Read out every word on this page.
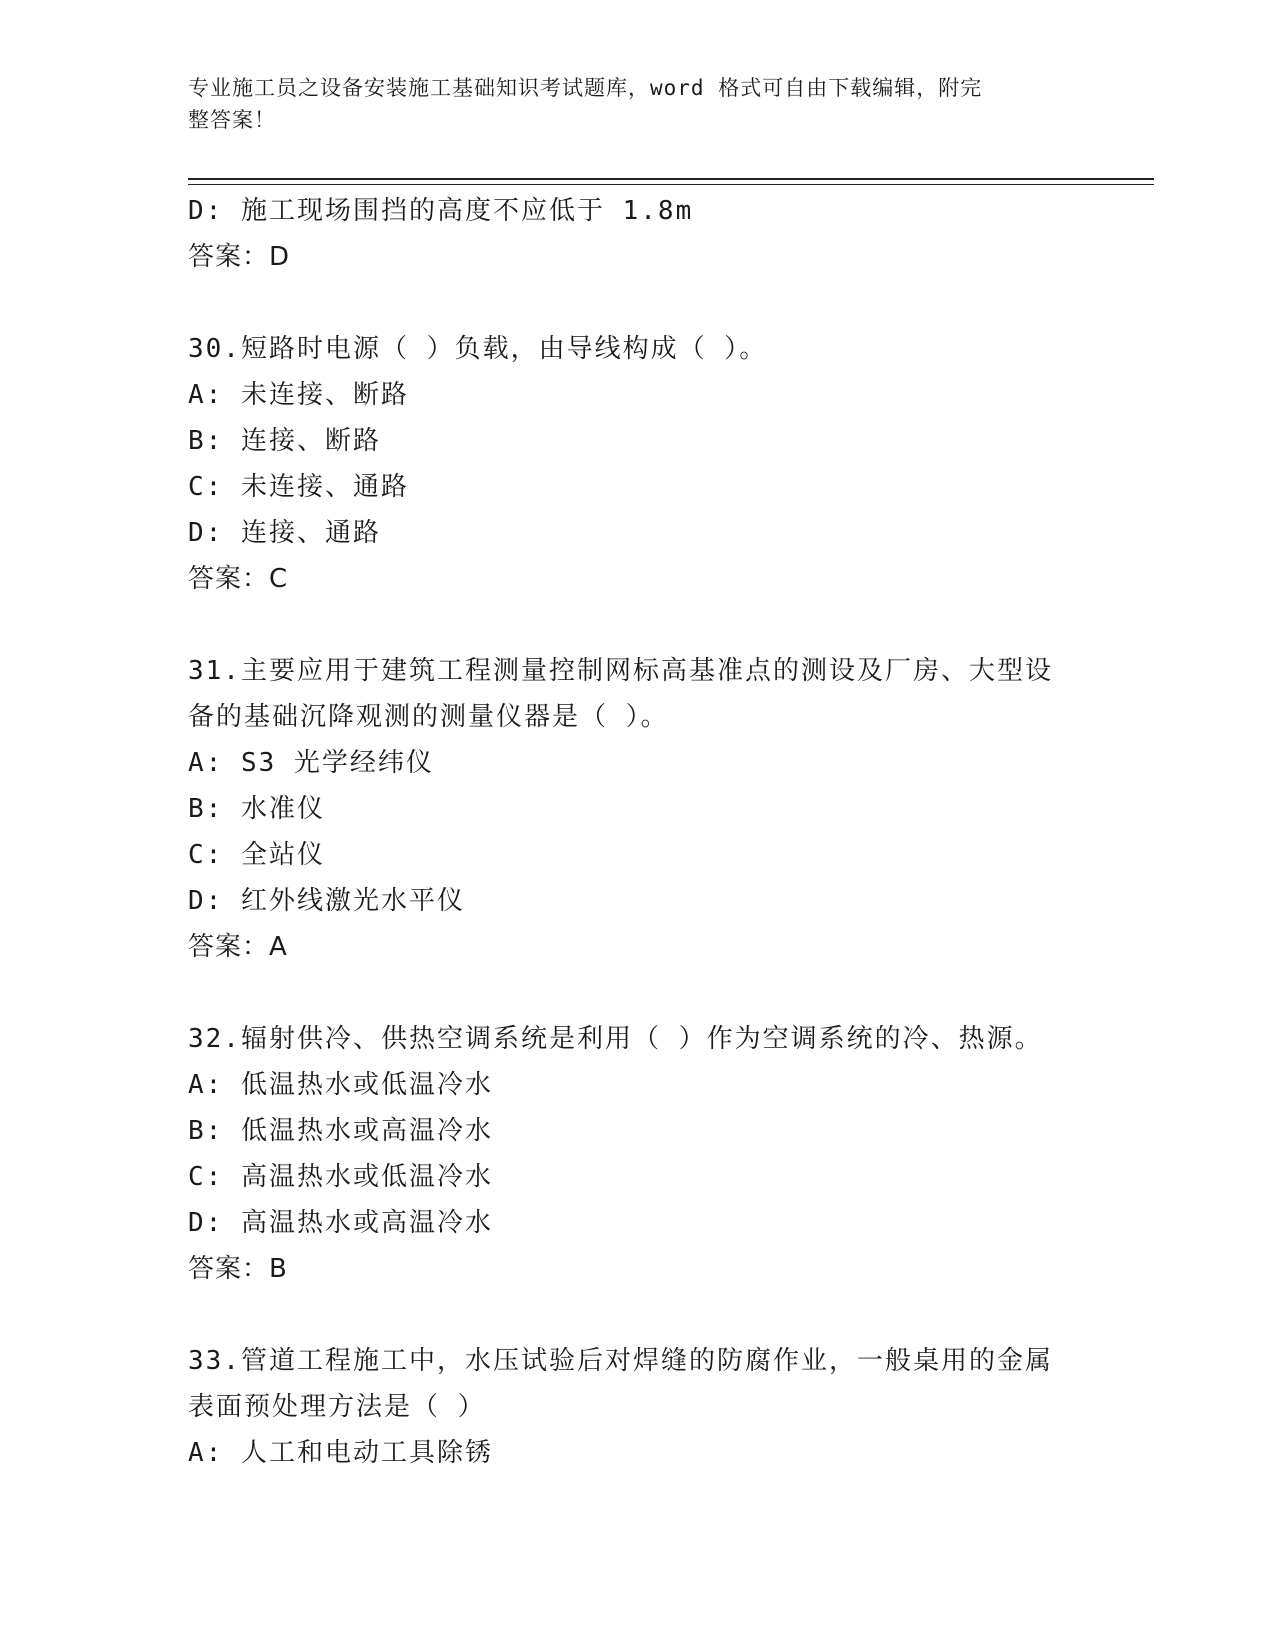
专业施工员之设备安装施工基础知识考试题库，word 格式可自由下载编辑，附完
整答案！
D: 施工现场围挡的高度不应低于 1.8m
答案：D
30.短路时电源（ ）负载，由导线构成（ ）。
A: 未连接、断路
B: 连接、断路
C: 未连接、通路
D: 连接、通路
答案：C
31.主要应用于建筑工程测量控制网标高基准点的测设及厂房、大型设
备的基础沉降观测的测量仪器是（ ）。
A: S3 光学经纬仪
B: 水准仪
C: 全站仪
D: 红外线激光水平仪
答案：A
32.辐射供冷、供热空调系统是利用（ ）作为空调系统的冷、热源。
A: 低温热水或低温冷水
B: 低温热水或高温冷水
C: 高温热水或低温冷水
D: 高温热水或高温冷水
答案：B
33.管道工程施工中，水压试验后对焊缝的防腐作业，一般桌用的金属
表面预处理方法是（ ）
A: 人工和电动工具除锈
